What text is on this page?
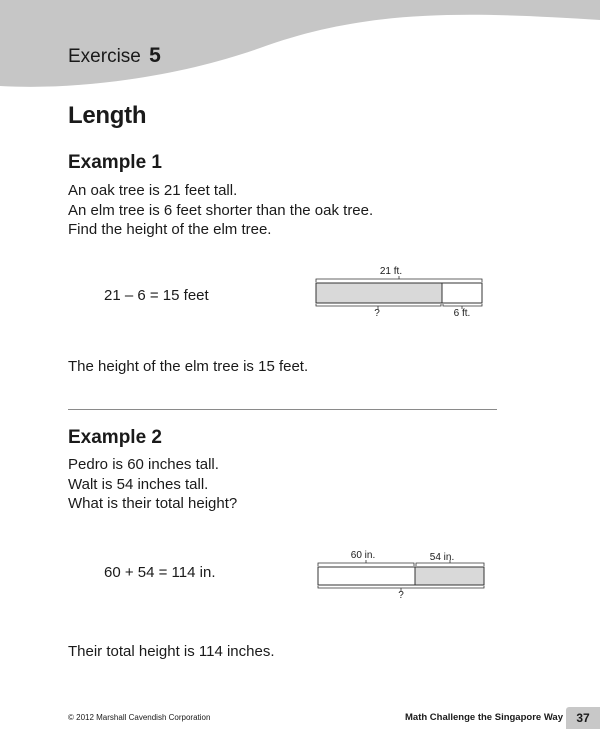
Exercise 5
Length
Example 1
An oak tree is 21 feet tall.
An elm tree is 6 feet shorter than the oak tree.
Find the height of the elm tree.
21 – 6 = 15 feet
21 ft.
?	6 ft.
The height of the elm tree is 15 feet.
Example 2
Pedro is 60 inches tall.
Walt is 54 inches tall.
What is their total height?
60 + 54 = 114 in.
60 in.	54 in.
?
Their total height is 114 inches.
© 2012 Marshall Cavendish Corporation	Math Challenge the Singapore Way	37
